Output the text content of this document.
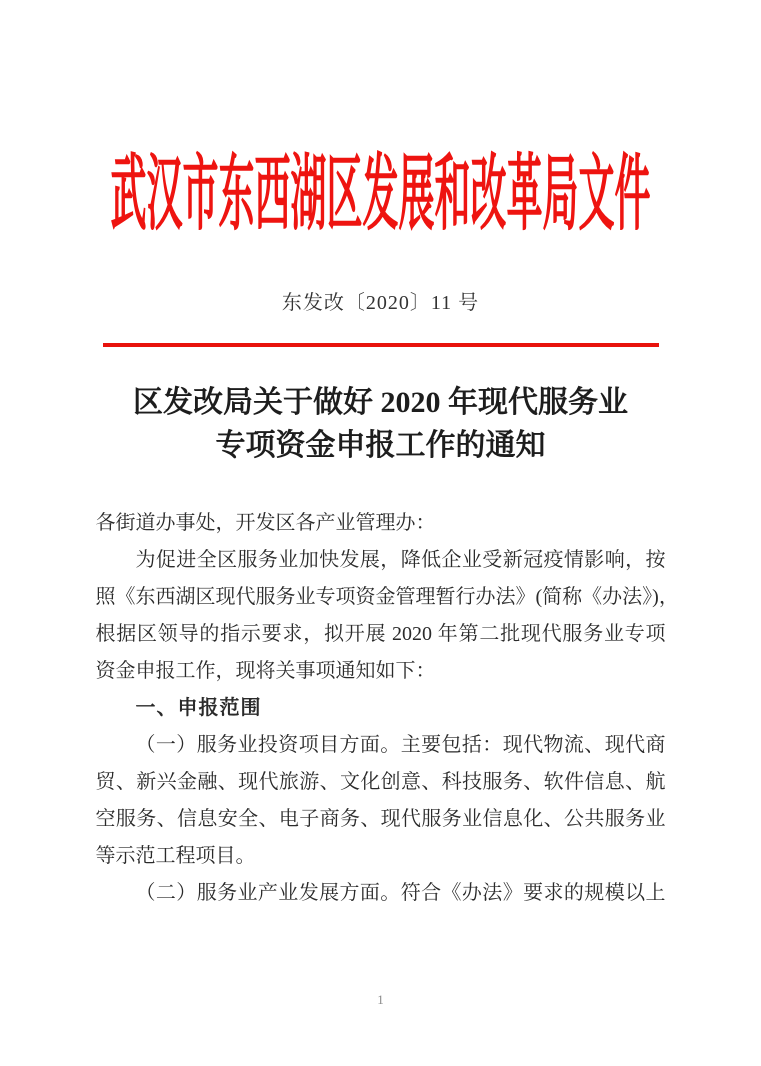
武汉市东西湖区发展和改革局文件
东发改〔2020〕11 号
区发改局关于做好 2020 年现代服务业
专项资金申报工作的通知
各街道办事处，开发区各产业管理办：
为促进全区服务业加快发展，降低企业受新冠疫情影响，按
照《东西湖区现代服务业专项资金管理暂行办法》(简称《办法》)，
根据区领导的指示要求，拟开展 2020 年第二批现代服务业专项
资金申报工作，现将关事项通知如下：
一、申报范围
（一）服务业投资项目方面。主要包括：现代物流、现代商
贸、新兴金融、现代旅游、文化创意、科技服务、软件信息、航
空服务、信息安全、电子商务、现代服务业信息化、公共服务业
等示范工程项目。
（二）服务业产业发展方面。符合《办法》要求的规模以上
1
